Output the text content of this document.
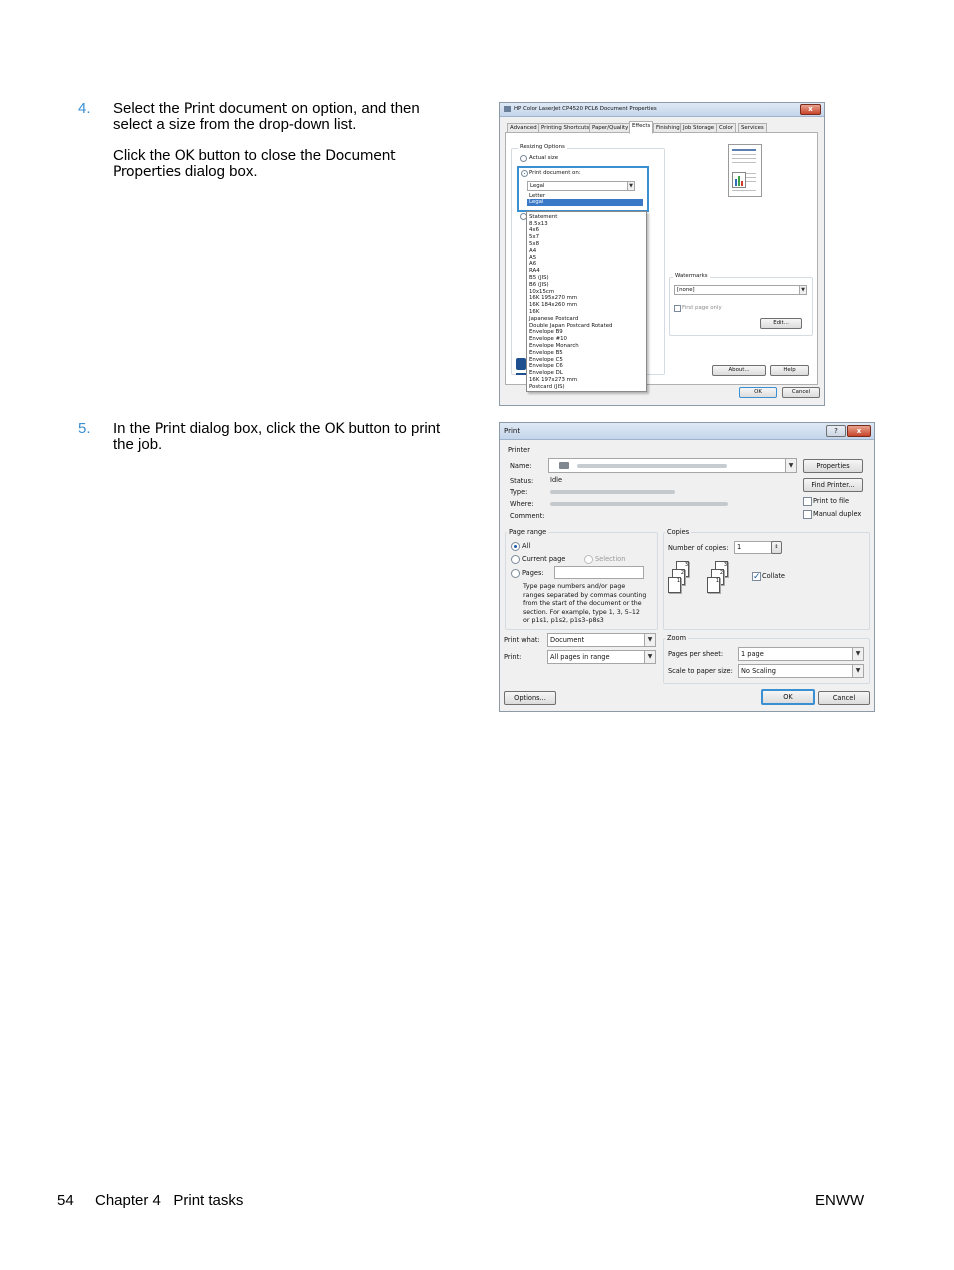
4. Select the Print document on option, and then select a size from the drop-down list.

Click the OK button to close the Document Properties dialog box.

5. In the Print dialog box, click the OK button to print the job.

HP Color LaserJet CP4520 PCL6 Document Properties	x
Advanced Printing Shortcuts Paper/Quality Effects	Finishing Job Storage Color	Services
Resizing Options
Actual size
Print document on:
Legal	▼
Letter
Legal
Statement
Watermarks
[none]	▼
First page only
Edit...
About...	Help
OK	Cancel
8.5x13
4x6
5x7
5x8
A4
A5
A6
RA4
B5 (JIS)
B6 (JIS)
10x15cm
16K 195x270 mm
16K 184x260 mm
16K
Japanese Postcard
Double Japan Postcard Rotated
Envelope B9
Envelope #10
Envelope Monarch
Envelope B5
Envelope C5
Envelope C6
Envelope DL
16K 197x273 mm
Postcard (JIS)
Print	?	x
Printer
Name:	▼
Status:	Idle
Type:
Where:
Comment:
Properties
Find Printer...
Print to file
Manual duplex
Page range
All
Current page	Selection
Pages:
Copies
Number of copies:	1	⇕
✓ Collate
Print what:	Document	▼
Print:	All pages in range	▼
Zoom
Pages per sheet:	1 page	▼
Scale to paper size:	No Scaling	▼
Options...	OK	Cancel
Type page numbers and/or page
ranges separated by commas counting
from the start of the document or the
section. For example, type 1, 3, 5–12
or p1s1, p1s2, p1s3–p8s3
3
2
1
3
2
1
54 Chapter 4   Print tasks	ENWW
